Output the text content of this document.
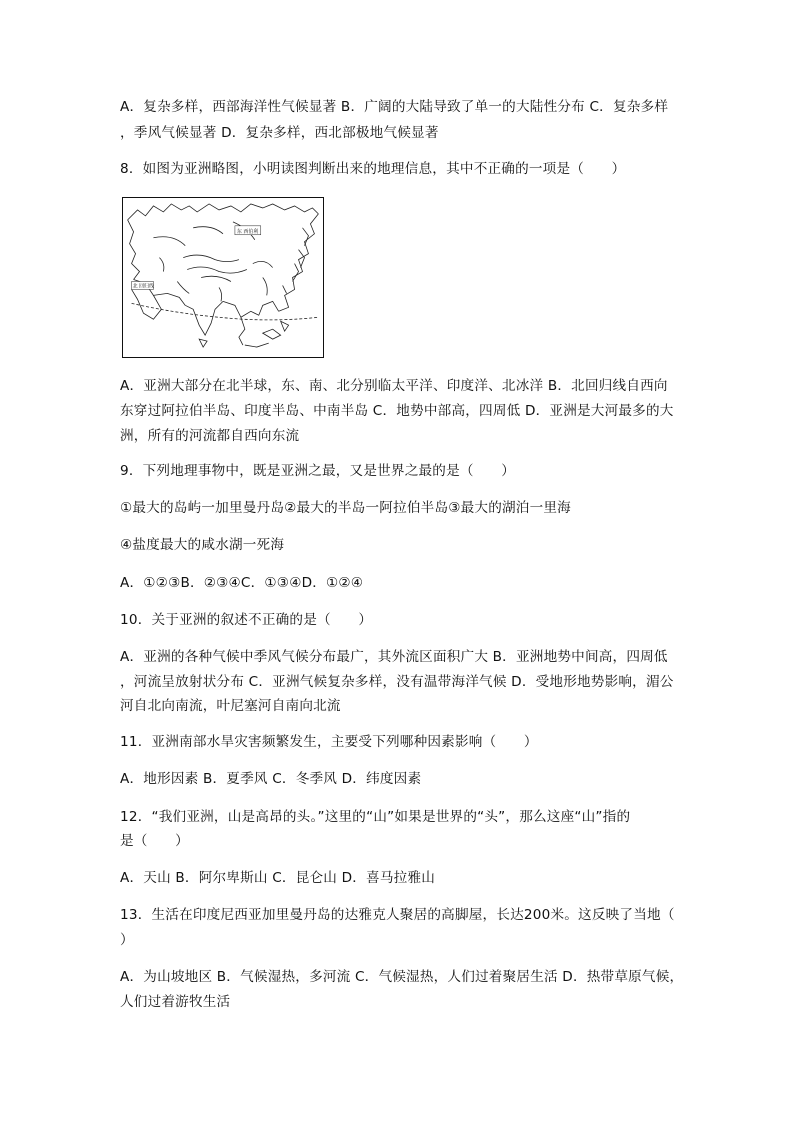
A．复杂多样，西部海洋性气候显著 B．广阔的大陆导致了单一的大陆性分布 C．复杂多样
，季风气候显著 D．复杂多样，西北部极地气候显著
8．如图为亚洲略图，小明读图判断出来的地理信息，其中不正确的一项是（　　）
东 西伯利
北 回归线
A．亚洲大部分在北半球，东、南、北分别临太平洋、印度洋、北冰洋 B．北回归线自西向
东穿过阿拉伯半岛、印度半岛、中南半岛 C．地势中部高，四周低 D．亚洲是大河最多的大
洲，所有的河流都自西向东流
9．下列地理事物中，既是亚洲之最，又是世界之最的是（　　）
①最大的岛屿一加里曼丹岛②最大的半岛一阿拉伯半岛③最大的湖泊一里海
④盐度最大的咸水湖一死海
A．①②③B．②③④C．①③④D．①②④
10．关于亚洲的叙述不正确的是（　　）
A．亚洲的各种气候中季风气候分布最广，其外流区面积广大 B．亚洲地势中间高，四周低
，河流呈放射状分布 C．亚洲气候复杂多样，没有温带海洋气候 D．受地形地势影响，湄公
河自北向南流，叶尼塞河自南向北流
11．亚洲南部水旱灾害频繁发生，主要受下列哪种因素影响（　　）
A．地形因素 B．夏季风 C．冬季风 D．纬度因素
12．“我们亚洲，山是高昂的头。”这里的“山”如果是世界的“头”，那么这座“山”指的
是（　　）
A．天山 B．阿尔卑斯山 C．昆仑山 D．喜马拉雅山
13．生活在印度尼西亚加里曼丹岛的达雅克人聚居的高脚屋，长达200米。这反映了当地（
）
A．为山坡地区 B．气候湿热，多河流 C．气候湿热，人们过着聚居生活 D．热带草原气候，
人们过着游牧生活
